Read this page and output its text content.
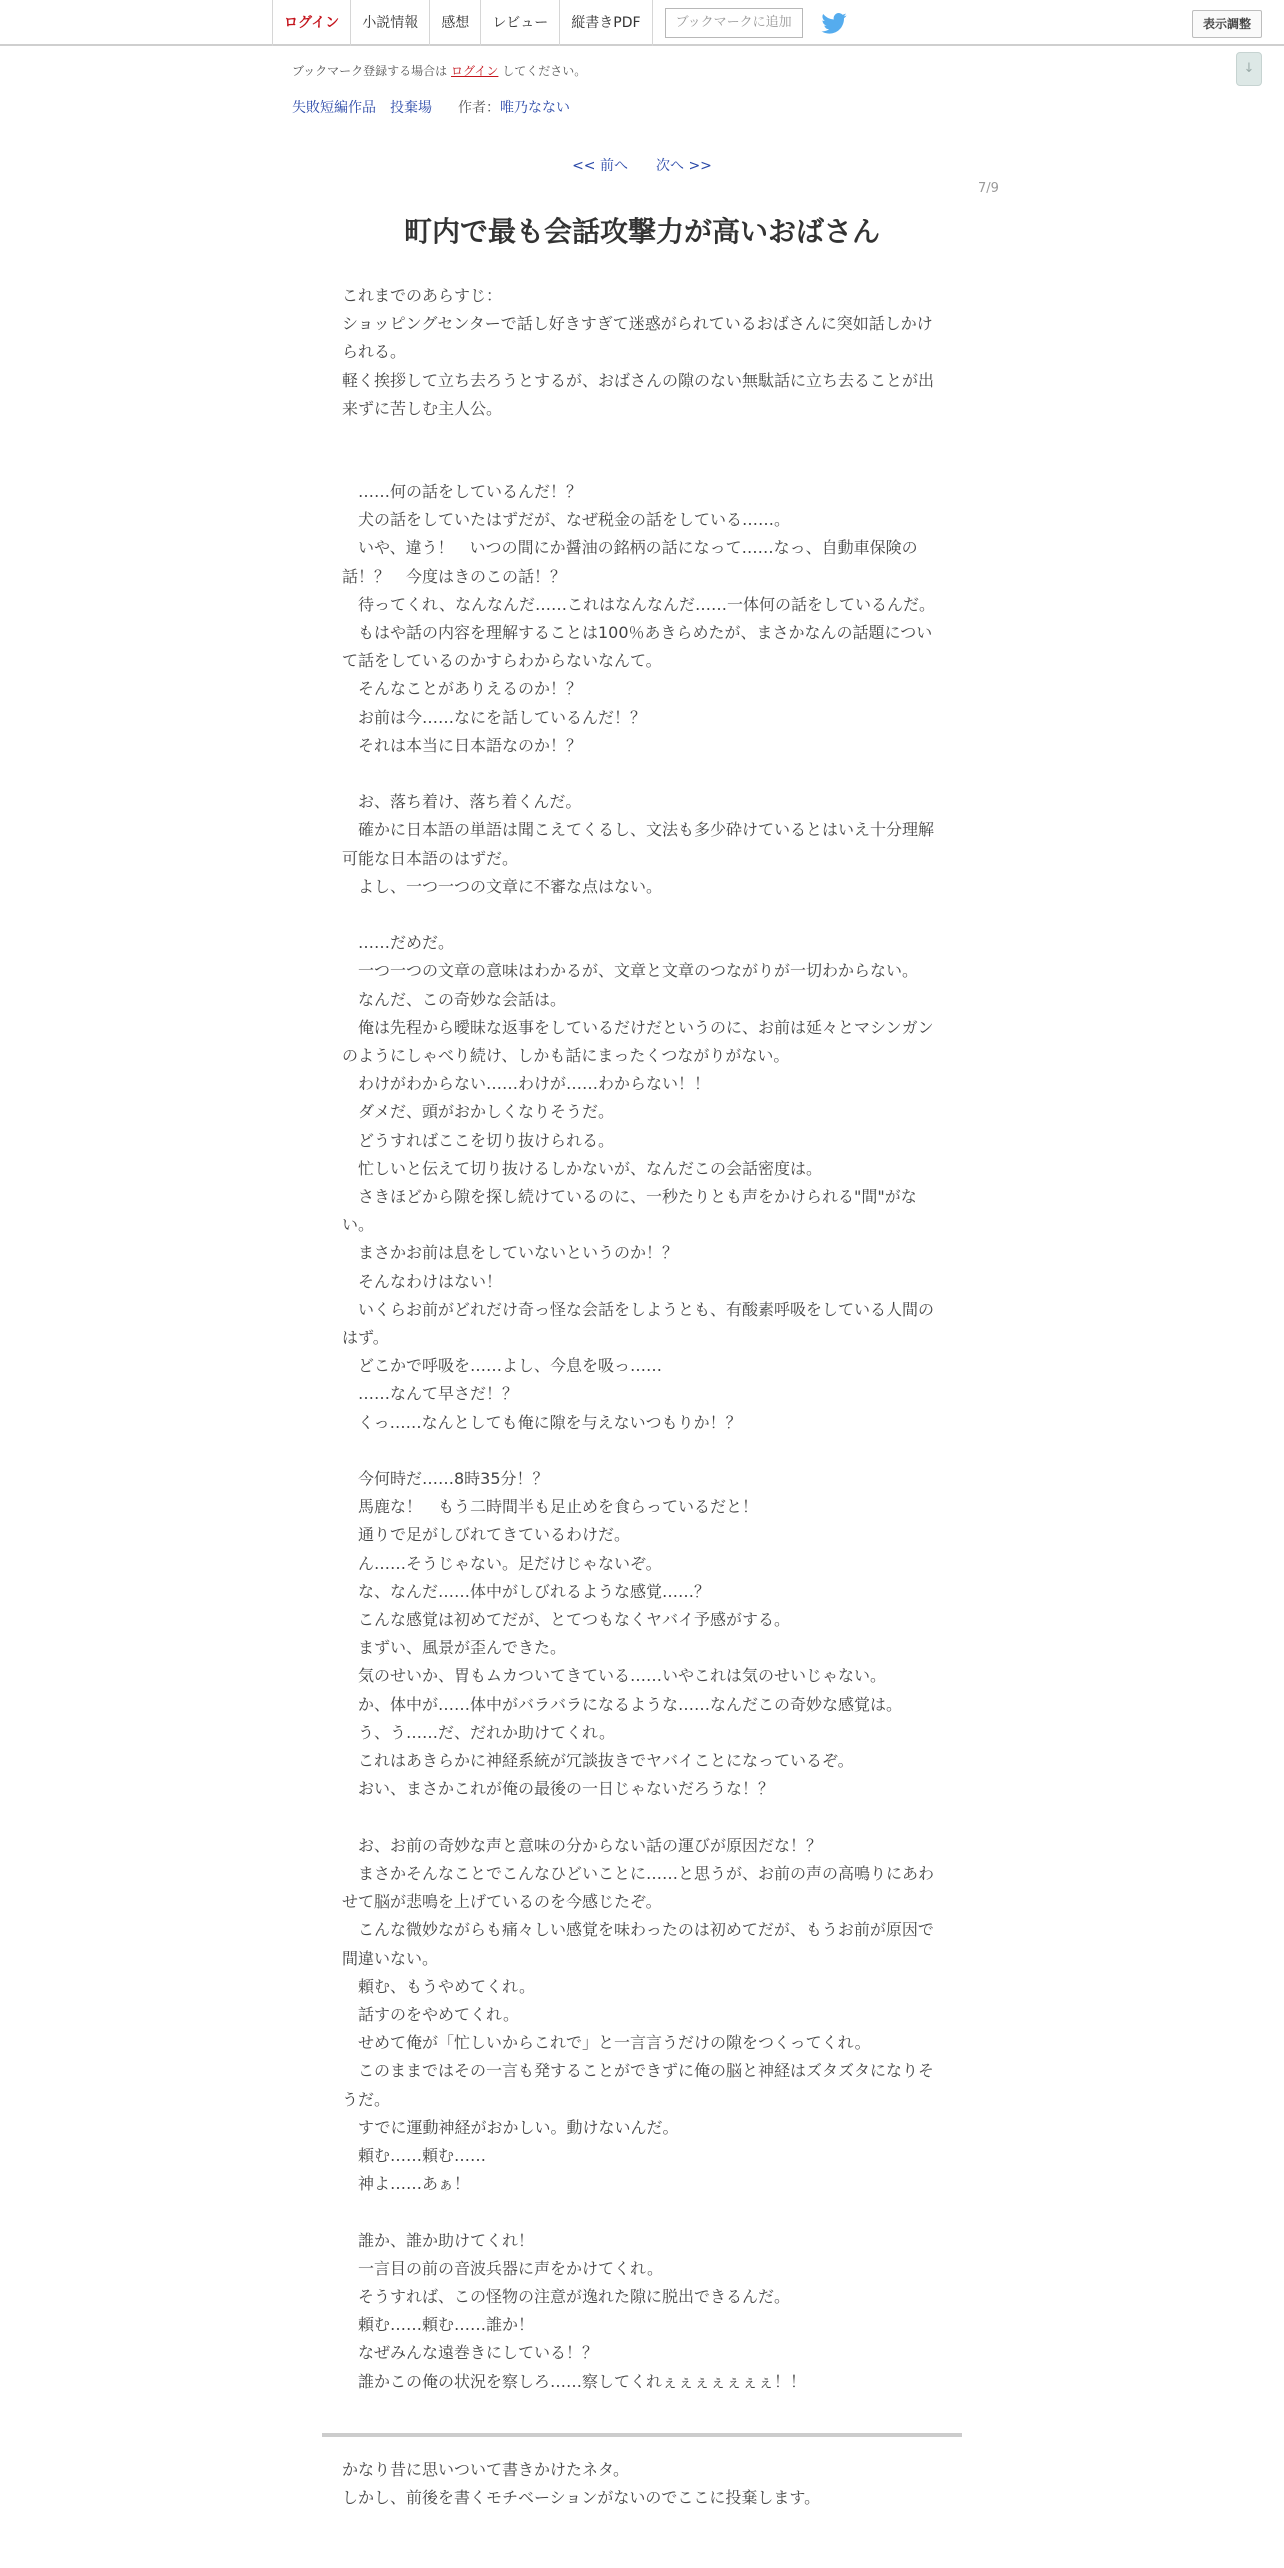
ログイン	小説情報	感想	レビュー	縦書きPDF	ブックマークに追加	表示調整
ブックマーク登録する場合は ログイン してください。	↓
失敗短編作品 投棄場 作者：唯乃なない
<< 前へ 次へ >>
7/9
町内で最も会話攻撃力が高いおばさん

これまでのあらすじ：

ショッピングセンターで話し好きすぎて迷惑がられているおばさんに突如話しかけられる。

軽く挨拶して立ち去ろうとするが、おばさんの隙のない無駄話に立ち去ることが出来ずに苦しむ主人公。

　……何の話をしているんだ！？

　犬の話をしていたはずだが、なぜ税金の話をしている……。

　いや、違う！　いつの間にか醤油の銘柄の話になって……なっ、自動車保険の話！？　今度はきのこの話！？

　待ってくれ、なんなんだ……これはなんなんだ……一体何の話をしているんだ。

　もはや話の内容を理解することは100％あきらめたが、まさかなんの話題について話をしているのかすらわからないなんて。

　そんなことがありえるのか！？

　お前は今……なにを話しているんだ！？

　それは本当に日本語なのか！？

　お、落ち着け、落ち着くんだ。

　確かに日本語の単語は聞こえてくるし、文法も多少砕けているとはいえ十分理解可能な日本語のはずだ。

　よし、一つ一つの文章に不審な点はない。

　……だめだ。

　一つ一つの文章の意味はわかるが、文章と文章のつながりが一切わからない。

　なんだ、この奇妙な会話は。

　俺は先程から曖昧な返事をしているだけだというのに、お前は延々とマシンガンのようにしゃべり続け、しかも話にまったくつながりがない。

　わけがわからない……わけが……わからない！！

　ダメだ、頭がおかしくなりそうだ。

　どうすればここを切り抜けられる。

　忙しいと伝えて切り抜けるしかないが、なんだこの会話密度は。

　さきほどから隙を探し続けているのに、一秒たりとも声をかけられる"間"がない。

　まさかお前は息をしていないというのか！？

　そんなわけはない！

　いくらお前がどれだけ奇っ怪な会話をしようとも、有酸素呼吸をしている人間のはず。

　どこかで呼吸を……よし、今息を吸っ……

　……なんて早さだ！？

　くっ……なんとしても俺に隙を与えないつもりか！？

　今何時だ……8時35分！？

　馬鹿な！　もう二時間半も足止めを食らっているだと！

　通りで足がしびれてきているわけだ。

　ん……そうじゃない。足だけじゃないぞ。

　な、なんだ……体中がしびれるような感覚……？

　こんな感覚は初めてだが、とてつもなくヤバイ予感がする。

　まずい、風景が歪んできた。

　気のせいか、胃もムカついてきている……いやこれは気のせいじゃない。

　か、体中が……体中がバラバラになるような……なんだこの奇妙な感覚は。

　う、う……だ、だれか助けてくれ。

　これはあきらかに神経系統が冗談抜きでヤバイことになっているぞ。

　おい、まさかこれが俺の最後の一日じゃないだろうな！？

　お、お前の奇妙な声と意味の分からない話の運びが原因だな！？

　まさかそんなことでこんなひどいことに……と思うが、お前の声の高鳴りにあわせて脳が悲鳴を上げているのを今感じたぞ。

　こんな微妙ながらも痛々しい感覚を味わったのは初めてだが、もうお前が原因で間違いない。

　頼む、もうやめてくれ。

　話すのをやめてくれ。

　せめて俺が「忙しいからこれで」と一言言うだけの隙をつくってくれ。

　このままではその一言も発することができずに俺の脳と神経はズタズタになりそうだ。

　すでに運動神経がおかしい。動けないんだ。

　頼む……頼む……

　神よ……あぁ！

　誰か、誰か助けてくれ！

　一言目の前の音波兵器に声をかけてくれ。

　そうすれば、この怪物の注意が逸れた隙に脱出できるんだ。

　頼む……頼む……誰か！

　なぜみんな遠巻きにしている！？

　誰かこの俺の状況を察しろ……察してくれぇぇぇぇぇぇぇ！！

かなり昔に思いついて書きかけたネタ。

しかし、前後を書くモチベーションがないのでここに投棄します。
